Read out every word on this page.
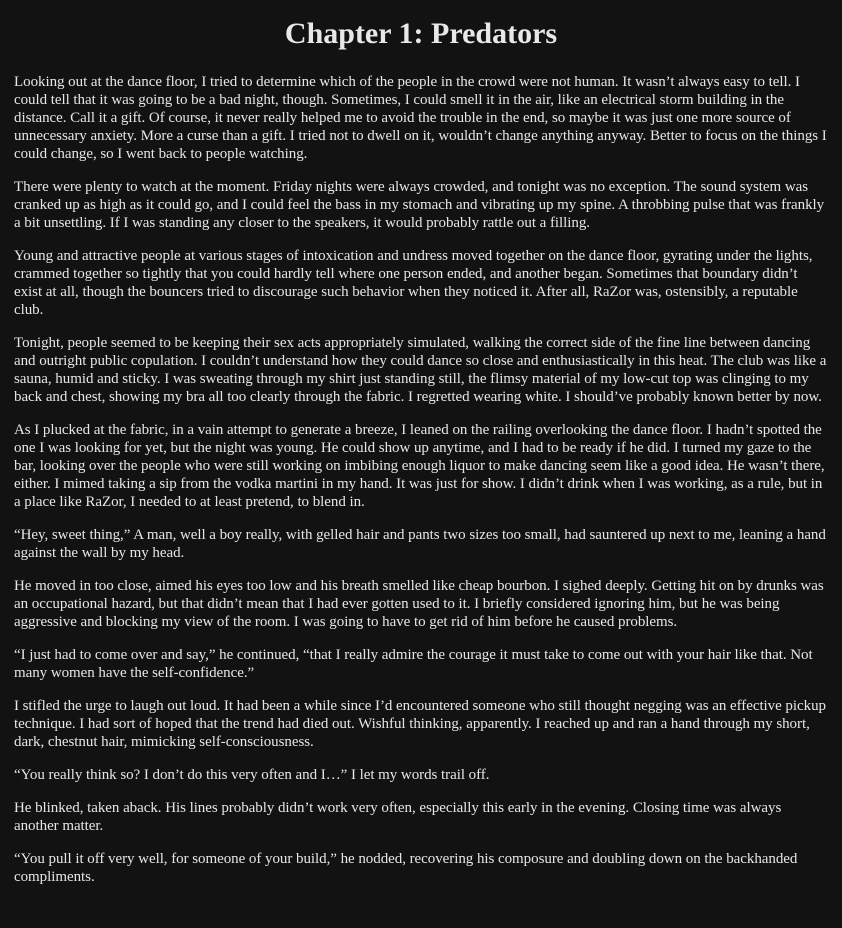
Chapter 1: Predators

Looking out at the dance floor, I tried to determine which of the people in the crowd were not human. It wasn’t always easy to tell. I could tell that it was going to be a bad night, though. Sometimes, I could smell it in the air, like an electrical storm building in the distance. Call it a gift. Of course, it never really helped me to avoid the trouble in the end, so maybe it was just one more source of unnecessary anxiety. More a curse than a gift. I tried not to dwell on it, wouldn’t change anything anyway. Better to focus on the things I could change, so I went back to people watching.

There were plenty to watch at the moment. Friday nights were always crowded, and tonight was no exception. The sound system was cranked up as high as it could go, and I could feel the bass in my stomach and vibrating up my spine. A throbbing pulse that was frankly a bit unsettling. If I was standing any closer to the speakers, it would probably rattle out a filling.

Young and attractive people at various stages of intoxication and undress moved together on the dance floor, gyrating under the lights, crammed together so tightly that you could hardly tell where one person ended, and another began. Sometimes that boundary didn’t exist at all, though the bouncers tried to discourage such behavior when they noticed it. After all, RaZor was, ostensibly, a reputable club.

Tonight, people seemed to be keeping their sex acts appropriately simulated, walking the correct side of the fine line between dancing and outright public copulation. I couldn’t understand how they could dance so close and enthusiastically in this heat. The club was like a sauna, humid and sticky. I was sweating through my shirt just standing still, the flimsy material of my low-cut top was clinging to my back and chest, showing my bra all too clearly through the fabric. I regretted wearing white. I should’ve probably known better by now.

As I plucked at the fabric, in a vain attempt to generate a breeze, I leaned on the railing overlooking the dance floor. I hadn’t spotted the one I was looking for yet, but the night was young. He could show up anytime, and I had to be ready if he did. I turned my gaze to the bar, looking over the people who were still working on imbibing enough liquor to make dancing seem like a good idea. He wasn’t there, either. I mimed taking a sip from the vodka martini in my hand. It was just for show. I didn’t drink when I was working, as a rule, but in a place like RaZor, I needed to at least pretend, to blend in.

“Hey, sweet thing,” A man, well a boy really, with gelled hair and pants two sizes too small, had sauntered up next to me, leaning a hand against the wall by my head.

He moved in too close, aimed his eyes too low and his breath smelled like cheap bourbon. I sighed deeply. Getting hit on by drunks was an occupational hazard, but that didn’t mean that I had ever gotten used to it. I briefly considered ignoring him, but he was being aggressive and blocking my view of the room. I was going to have to get rid of him before he caused problems.

“I just had to come over and say,” he continued, “that I really admire the courage it must take to come out with your hair like that. Not many women have the self-confidence.”

I stifled the urge to laugh out loud. It had been a while since I’d encountered someone who still thought negging was an effective pickup technique. I had sort of hoped that the trend had died out. Wishful thinking, apparently. I reached up and ran a hand through my short, dark, chestnut hair, mimicking self-consciousness.

“You really think so? I don’t do this very often and I…” I let my words trail off.

He blinked, taken aback. His lines probably didn’t work very often, especially this early in the evening. Closing time was always another matter.

“You pull it off very well, for someone of your build,” he nodded, recovering his composure and doubling down on the backhanded compliments.
